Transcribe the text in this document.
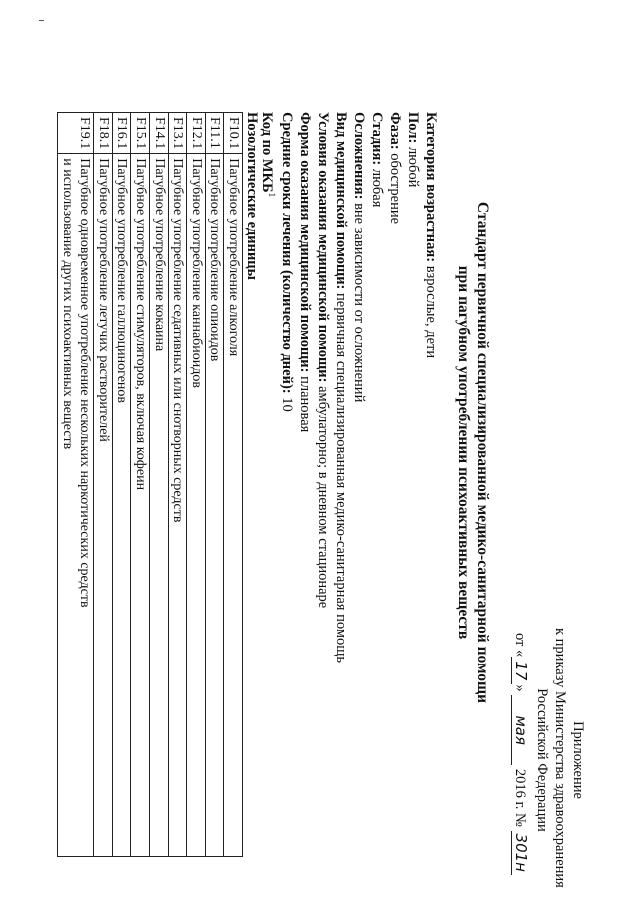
Приложение
к приказу Министерства здравоохранения
Российской Федерации
от «17» мая 2016 г. № 301н
Стандарт первичной специализированной медико-санитарной помощи
при пагубном употреблении психоактивных веществ
Категория возрастная: взрослые, дети
Пол: любой
Фаза: обострение
Стадия: любая
Осложнения: вне зависимости от осложнений
Вид медицинской помощи: первичная специализированная медико-санитарная помощь
Условия оказания медицинской помощи: амбулаторно; в дневном стационаре
Форма оказания медицинской помощи: плановая
Средние сроки лечения (количество дней): 10
Код по МКБ$^1$
Нозологические единицы
F10.1	Пагубное употребление алкоголя
F11.1	Пагубное употребление опиоидов
F12.1	Пагубное употребление каннабиоидов
F13.1	Пагубное употребление седативных или снотворных средств
F14.1	Пагубное употребление кокаина
F15.1	Пагубное употребление стимуляторов, включая кофеин
F16.1	Пагубное употребление галлюциногенов
F18.1	Пагубное употребление летучих растворителей
F19.1	Пагубное одновременное употребление нескольких наркотических средств
и использование других психоактивных веществ
